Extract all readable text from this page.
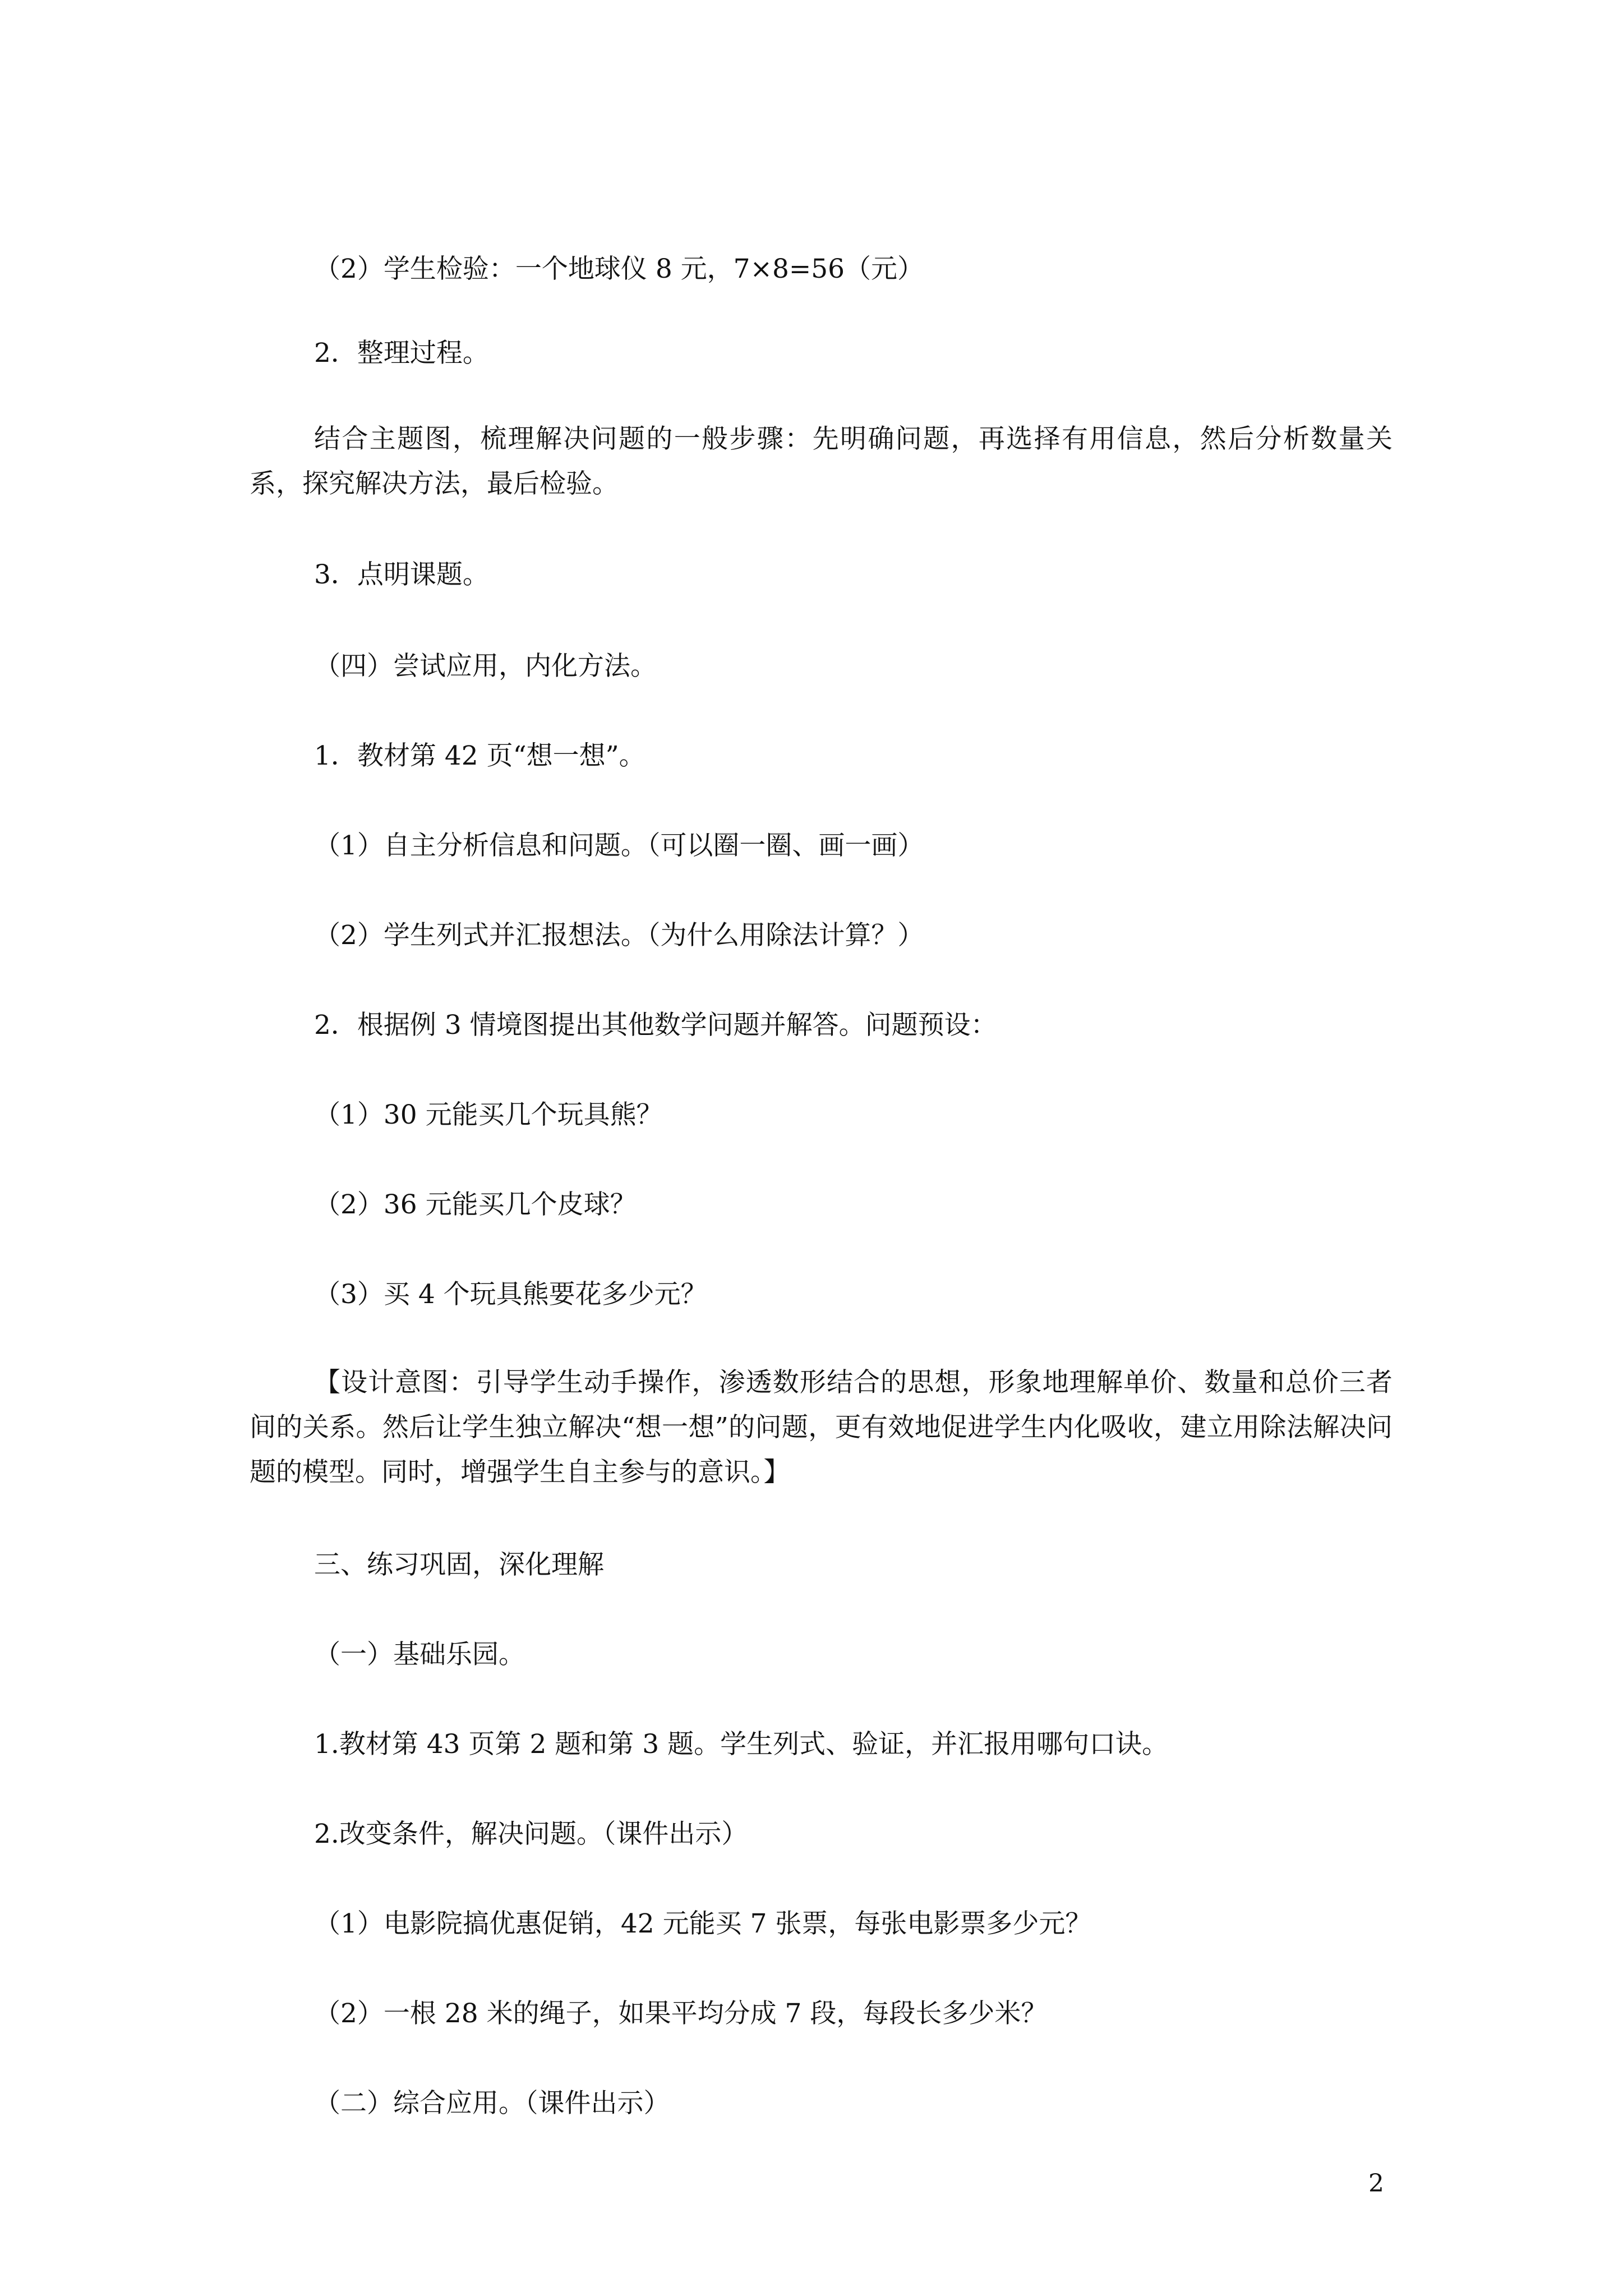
（2）学生检验：一个地球仪 8 元，7×8=56（元）

2．整理过程。

结合主题图，梳理解决问题的一般步骤：先明确问题，再选择有用信息，然后分析数量关系，探究解决方法，最后检验。

3．点明课题。

（四）尝试应用，内化方法。

1．教材第 42 页“想一想”。

（1）自主分析信息和问题。（可以圈一圈、画一画）

（2）学生列式并汇报想法。（为什么用除法计算？）

2．根据例 3 情境图提出其他数学问题并解答。问题预设：

（1）30 元能买几个玩具熊？

（2）36 元能买几个皮球？

（3）买 4 个玩具熊要花多少元？

【设计意图：引导学生动手操作，渗透数形结合的思想，形象地理解单价、数量和总价三者间的关系。然后让学生独立解决“想一想”的问题，更有效地促进学生内化吸收，建立用除法解决问题的模型。同时，增强学生自主参与的意识。】

三、练习巩固，深化理解

（一）基础乐园。

1.教材第 43 页第 2 题和第 3 题。学生列式、验证，并汇报用哪句口诀。

2.改变条件，解决问题。（课件出示）

（1）电影院搞优惠促销，42 元能买 7 张票，每张电影票多少元？

（2）一根 28 米的绳子，如果平均分成 7 段，每段长多少米？

（二）综合应用。（课件出示）

2
